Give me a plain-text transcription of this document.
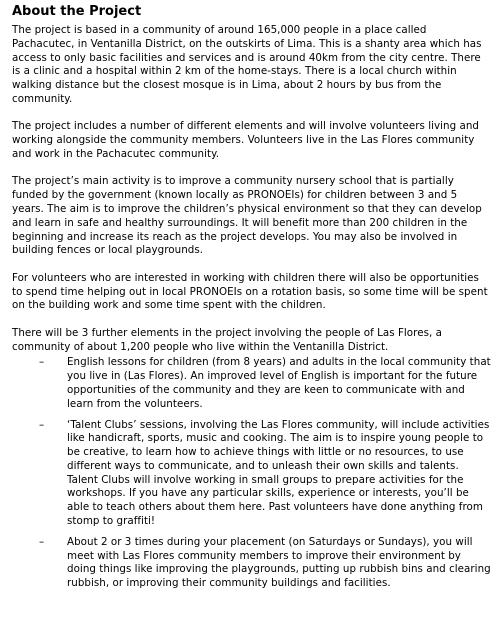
About the Project

The project is based in a community of around 165,000 people in a place called Pachacutec, in Ventanilla District, on the outskirts of Lima. This is a shanty area which has access to only basic facilities and services and is around 40km from the city centre. There is a clinic and a hospital within 2 km of the home-stays. There is a local church within walking distance but the closest mosque is in Lima, about 2 hours by bus from the community.

The project includes a number of different elements and will involve volunteers living and working alongside the community members. Volunteers live in the Las Flores community and work in the Pachacutec community.

The project’s main activity is to improve a community nursery school that is partially funded by the government (known locally as PRONOEIs) for children between 3 and 5 years. The aim is to improve the children’s physical environment so that they can develop and learn in safe and healthy surroundings. It will benefit more than 200 children in the beginning and increase its reach as the project develops. You may also be involved in building fences or local playgrounds.

For volunteers who are interested in working with children there will also be opportunities to spend time helping out in local PRONOEIs on a rotation basis, so some time will be spent on the building work and some time spent with the children.

There will be 3 further elements in the project involving the people of Las Flores, a community of about 1,200 people who live within the Ventanilla District.

– English lessons for children (from 8 years) and adults in the local community that you live in (Las Flores). An improved level of English is important for the future opportunities of the community and they are keen to communicate with and learn from the volunteers.
– ‘Talent Clubs’ sessions, involving the Las Flores community, will include activities like handicraft, sports, music and cooking. The aim is to inspire young people to be creative, to learn how to achieve things with little or no resources, to use different ways to communicate, and to unleash their own skills and talents. Talent Clubs will involve working in small groups to prepare activities for the workshops. If you have any particular skills, experience or interests, you’ll be able to teach others about them here. Past volunteers have done anything from stomp to graffiti!
– About 2 or 3 times during your placement (on Saturdays or Sundays), you will meet with Las Flores community members to improve their environment by doing things like improving the playgrounds, putting up rubbish bins and clearing rubbish, or improving their community buildings and facilities.
